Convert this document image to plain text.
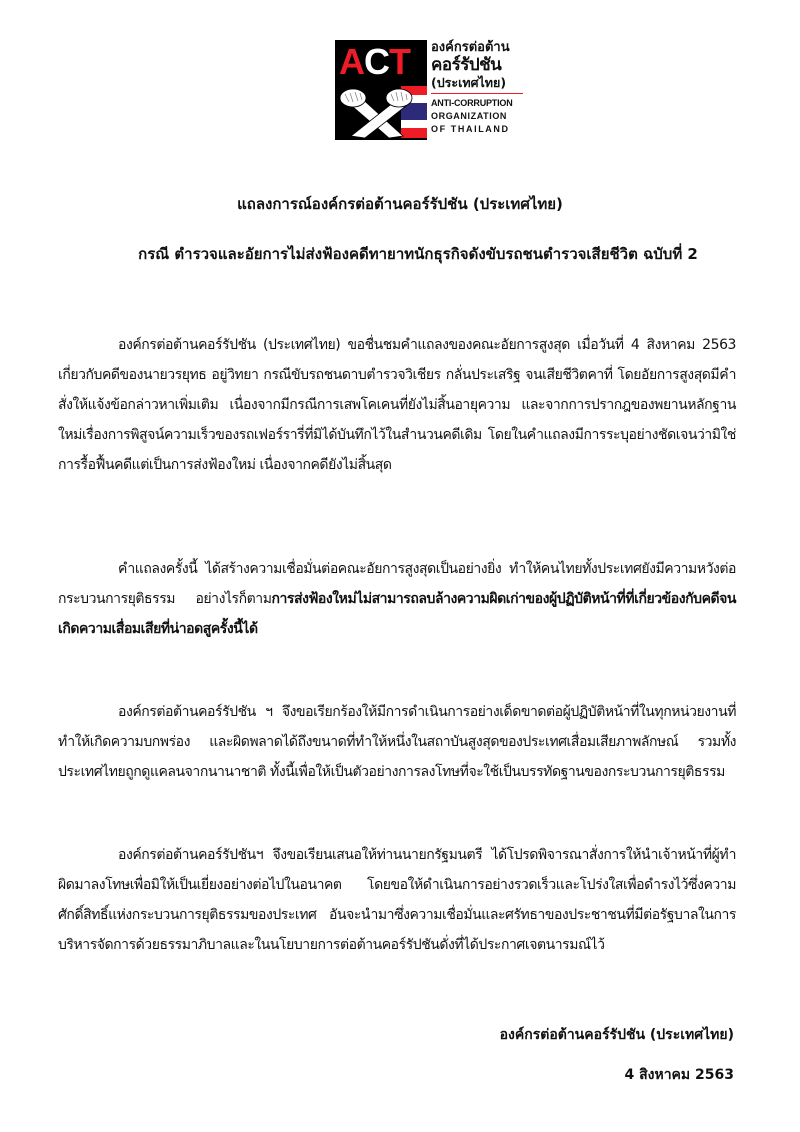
ACT	องค์กรต่อต้าน
คอร์รัปชัน
(ประเทศไทย)
ANTI-CORRUPTION
ORGANIZATION
OF THAILAND
แถลงการณ์องค์กรต่อต้านคอร์รัปชัน (ประเทศไทย)
กรณี ตำรวจและอัยการไม่ส่งฟ้องคดีทายาทนักธุรกิจดังขับรถชนตำรวจเสียชีวิต ฉบับที่ 2

องค์กรต่อต้านคอร์รัปชัน (ประเทศไทย) ขอชื่นชมคำแถลงของคณะอัยการสูงสุด เมื่อวันที่ 4 สิงหาคม 2563 เกี่ยวกับคดีของนายวรยุทธ อยู่วิทยา กรณีขับรถชนดาบตำรวจวิเชียร กลั่นประเสริฐ จนเสียชีวิตคาที่ โดยอัยการสูงสุดมีคำสั่งให้แจ้งข้อกล่าวหาเพิ่มเติม เนื่องจากมีกรณีการเสพโคเคนที่ยังไม่สิ้นอายุความ และจากการปรากฎของพยานหลักฐานใหม่เรื่องการพิสูจน์ความเร็วของรถเฟอร์รารี่ที่มิได้บันทึกไว้ในสำนวนคดีเดิม โดยในคำแถลงมีการระบุอย่างชัดเจนว่ามิใช่การรื้อฟื้นคดีแต่เป็นการส่งฟ้องใหม่ เนื่องจากคดียังไม่สิ้นสุด

คำแถลงครั้งนี้ ได้สร้างความเชื่อมั่นต่อคณะอัยการสูงสุดเป็นอย่างยิ่ง ทำให้คนไทยทั้งประเทศยังมีความหวังต่อกระบวนการยุติธรรม อย่างไรก็ตามการส่งฟ้องใหม่ไม่สามารถลบล้างความผิดเก่าของผู้ปฏิบัติหน้าที่ที่เกี่ยวข้องกับคดีจนเกิดความเสื่อมเสียที่น่าอดสูครั้งนี้ได้

องค์กรต่อต้านคอร์รัปชัน ฯ จึงขอเรียกร้องให้มีการดำเนินการอย่างเด็ดขาดต่อผู้ปฏิบัติหน้าที่ในทุกหน่วยงานที่ทำให้เกิดความบกพร่อง และผิดพลาดได้ถึงขนาดที่ทำให้หนึ่งในสถาบันสูงสุดของประเทศเสื่อมเสียภาพลักษณ์ รวมทั้งประเทศไทยถูกดูแคลนจากนานาชาติ ทั้งนี้เพื่อให้เป็นตัวอย่างการลงโทษที่จะใช้เป็นบรรทัดฐานของกระบวนการยุติธรรม

องค์กรต่อต้านคอร์รัปชันฯ จึงขอเรียนเสนอให้ท่านนายกรัฐมนตรี ได้โปรดพิจารณาสั่งการให้นำเจ้าหน้าที่ผู้ทำผิดมาลงโทษเพื่อมิให้เป็นเยี่ยงอย่างต่อไปในอนาคต โดยขอให้ดำเนินการอย่างรวดเร็วและโปร่งใสเพื่อดำรงไว้ซึ่งความศักดิ์สิทธิ์แห่งกระบวนการยุติธรรมของประเทศ อันจะนำมาซึ่งความเชื่อมั่นและศรัทธาของประชาชนที่มีต่อรัฐบาลในการบริหารจัดการด้วยธรรมาภิบาลและในนโยบายการต่อต้านคอร์รัปชันดั่งที่ได้ประกาศเจตนารมณ์ไว้

องค์กรต่อต้านคอร์รัปชัน (ประเทศไทย)
4 สิงหาคม 2563
